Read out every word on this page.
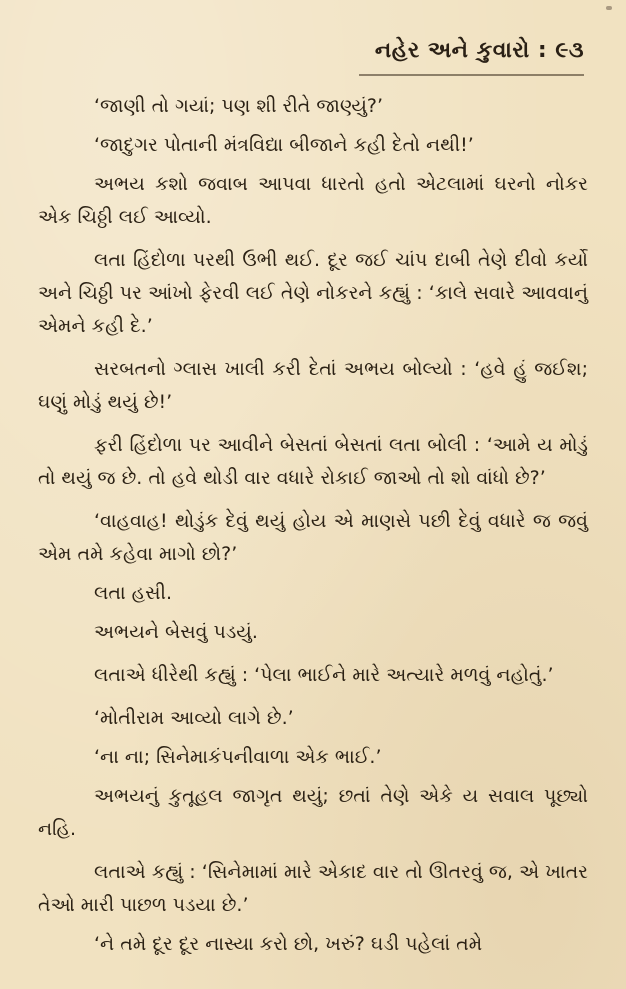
નહેર અને કુવારો : ૯૩

‘જાણી તો ગયાં; પણ શી રીતે જાણ્યું?’

‘જાદુગર પોતાની મંત્રવિદ્યા બીજાને કહી દેતો નથી!’

અભય કશો જવાબ આપવા ધારતો હતો એટલામાં ઘરનો નોકર એક ચિઠ્ઠી લઈ આવ્યો.

લતા હિંદોળા પરથી ઉભી થઈ. દૂર જઈ ચાંપ દાબી તેણે દીવો કર્યો અને ચિઠ્ઠી પર આંખો ફેરવી લઈ તેણે નોકરને કહ્યું : ‘કાલે સવારે આવવાનું એમને કહી દે.’

સરબતનો ગ્લાસ ખાલી કરી દેતાં અભય બોલ્યો : ‘હવે હું જઈશ; ઘણું મોડું થયું છે!’

ફરી હિંદોળા પર આવીને બેસતાં બેસતાં લતા બોલી : ‘આમે ય મોડું તો થયું જ છે. તો હવે થોડી વાર વધારે રોકાઈ જાઓ તો શો વાંધો છે?’

‘વાહવાહ! થોડુંક દેવું થયું હોય એ માણસે પછી દેવું વધારે જ જવું એમ તમે કહેવા માગો છો?’

લતા હસી.

અભયને બેસવું પડયું.

લતાએ ધીરેથી કહ્યું : ‘પેલા ભાઈને મારે અત્યારે મળવું નહોતું.’

‘મોતીરામ આવ્યો લાગે છે.’

‘ના ના; સિનેમાકંપનીવાળા એક ભાઈ.’

અભયનું કુતૂહલ જાગૃત થયું; છતાં તેણે એકે ય સવાલ પૂછ્યો નહિ.

લતાએ કહ્યું : ‘સિનેમામાં મારે એકાદ વાર તો ઊતરવું જ, એ ખાતર તેઓ મારી પાછળ પડયા છે.’

‘ને તમે દૂર દૂર નાસ્યા કરો છો, ખરું? ઘડી પહેલાં તમે
